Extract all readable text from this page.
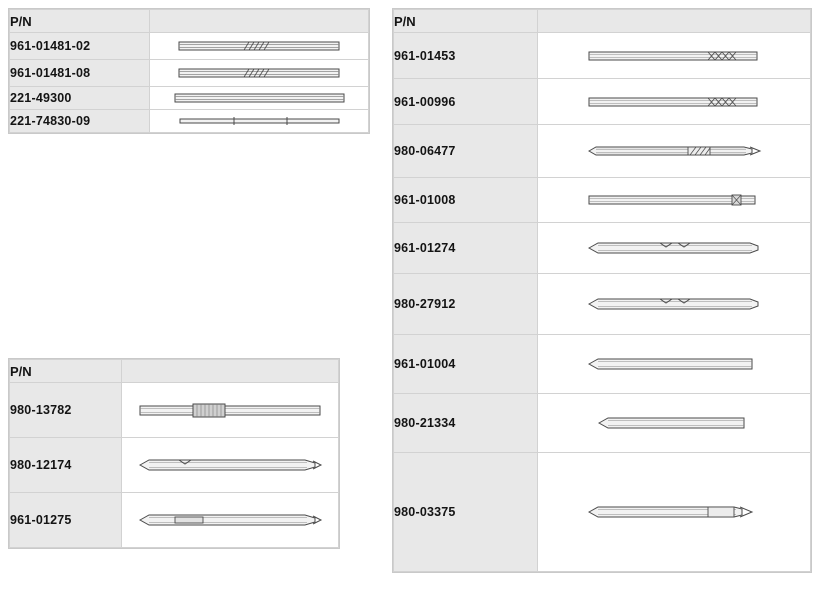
P/N	
961-01481-02	

961-01481-08	

221-49300	

221-74830-09	
P/N	
980-13782	

980-12174	

961-01275	
P/N	
961-01453	

961-00996	

980-06477	

961-01008	

961-01274	

980-27912	

961-01004	

980-21334	

980-03375	
